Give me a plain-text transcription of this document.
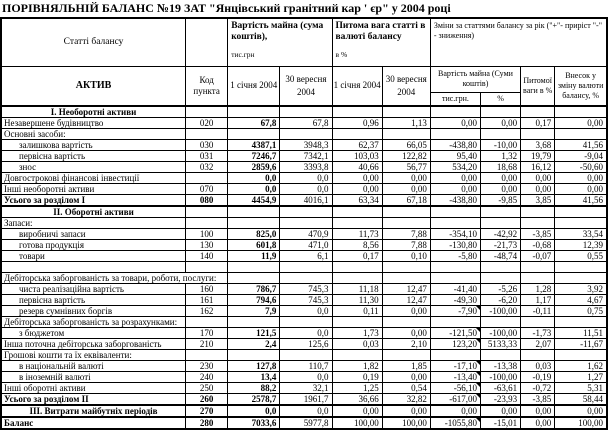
ПОРІВНЯЛЬНІЙ БАЛАНС №19 ЗАТ "Янцівський гранітний кар ' єр" у 2004 році
Статті балансу		Вартість майна (сума коштів),
тис.грн		Питома вага статті в валюті балансу
в %		Зміни за статтями балансу за рік ("+"- приріст "-" - зниження)			
АКТИВ	Код пункта	1 січня 2004	30 вересня 2004	1 січня 2004	30 вересня 2004	Вартість майна (Суми коштів)		Питомої ваги в %	Внесок у зміну валюти балансу, %
						тис.грн.	%		
I. Необоротні активи									
Незавершене будівництво	020	67,8	67,8	0,96	1,13	0,00	0,00	0,17	0,00
Основні засоби:									
залишкова вартість	030	4387,1	3948,3	62,37	66,05	-438,80	-10,00	3,68	41,56
первісна вартість	031	7246,7	7342,1	103,03	122,82	95,40	1,32	19,79	-9,04
знос	032	2859,6	3393,8	40,66	56,77	534,20	18,68	16,12	-50,60
Довгострокові фінансові інвестиції		0,0	0,0	0,00	0,00	0,00	0,00	0,00	0,00
Інші необоротні активи	070	0,0	0,0	0,00	0,00	0,00	0,00	0,00	0,00
Усього за розділом I	080	4454,9	4016,1	63,34	67,18	-438,80	-9,85	3,85	41,56
II. Оборотні активи									
Запаси:									
виробничі запаси	100	825,0	470,9	11,73	7,88	-354,10	-42,92	-3,85	33,54
готова продукція	130	601,8	471,0	8,56	7,88	-130,80	-21,73	-0,68	12,39
товари	140	11,9	6,1	0,17	0,10	-5,80	-48,74	-0,07	0,55

Дебіторська заборгованість за товари, роботи, послуги:									
чиста реалізаційна вартість	160	786,7	745,3	11,18	12,47	-41,40	-5,26	1,28	3,92
первісна вартість	161	794,6	745,3	11,30	12,47	-49,30	-6,20	1,17	4,67
резерв сумнівних боргів	162	7,9	0,0	0,11	0,00	-7,90	-100,00	-0,11	0,75
Дебіторська заборгованість за розрахунками:									
з бюджетом	170	121,5	0,0	1,73	0,00	-121,50	-100,00	-1,73	11,51
Інша поточна дебіторська заборгованість	210	2,4	125,6	0,03	2,10	123,20	5133,33	2,07	-11,67
Грошові кошти та їх еквіваленти:									
в національній валюті	230	127,8	110,7	1,82	1,85	-17,10	-13,38	0,03	1,62
в іноземній валюті	240	13,4	0,0	0,19	0,00	-13,40	-100,00	-0,19	1,27
Інші оборотні активи	250	88,2	32,1	1,25	0,54	-56,10	-63,61	-0,72	5,31
Усього за розділом II	260	2578,7	1961,7	36,66	32,82	-617,00	-23,93	-3,85	58,44
III. Витрати майбутніх періодів	270	0,0	0,0	0,00	0,00	0,00	0,00	0,00	0,00
Баланс	280	7033,6	5977,8	100,00	100,00	-1055,80	-15,01	0,00	100,00
